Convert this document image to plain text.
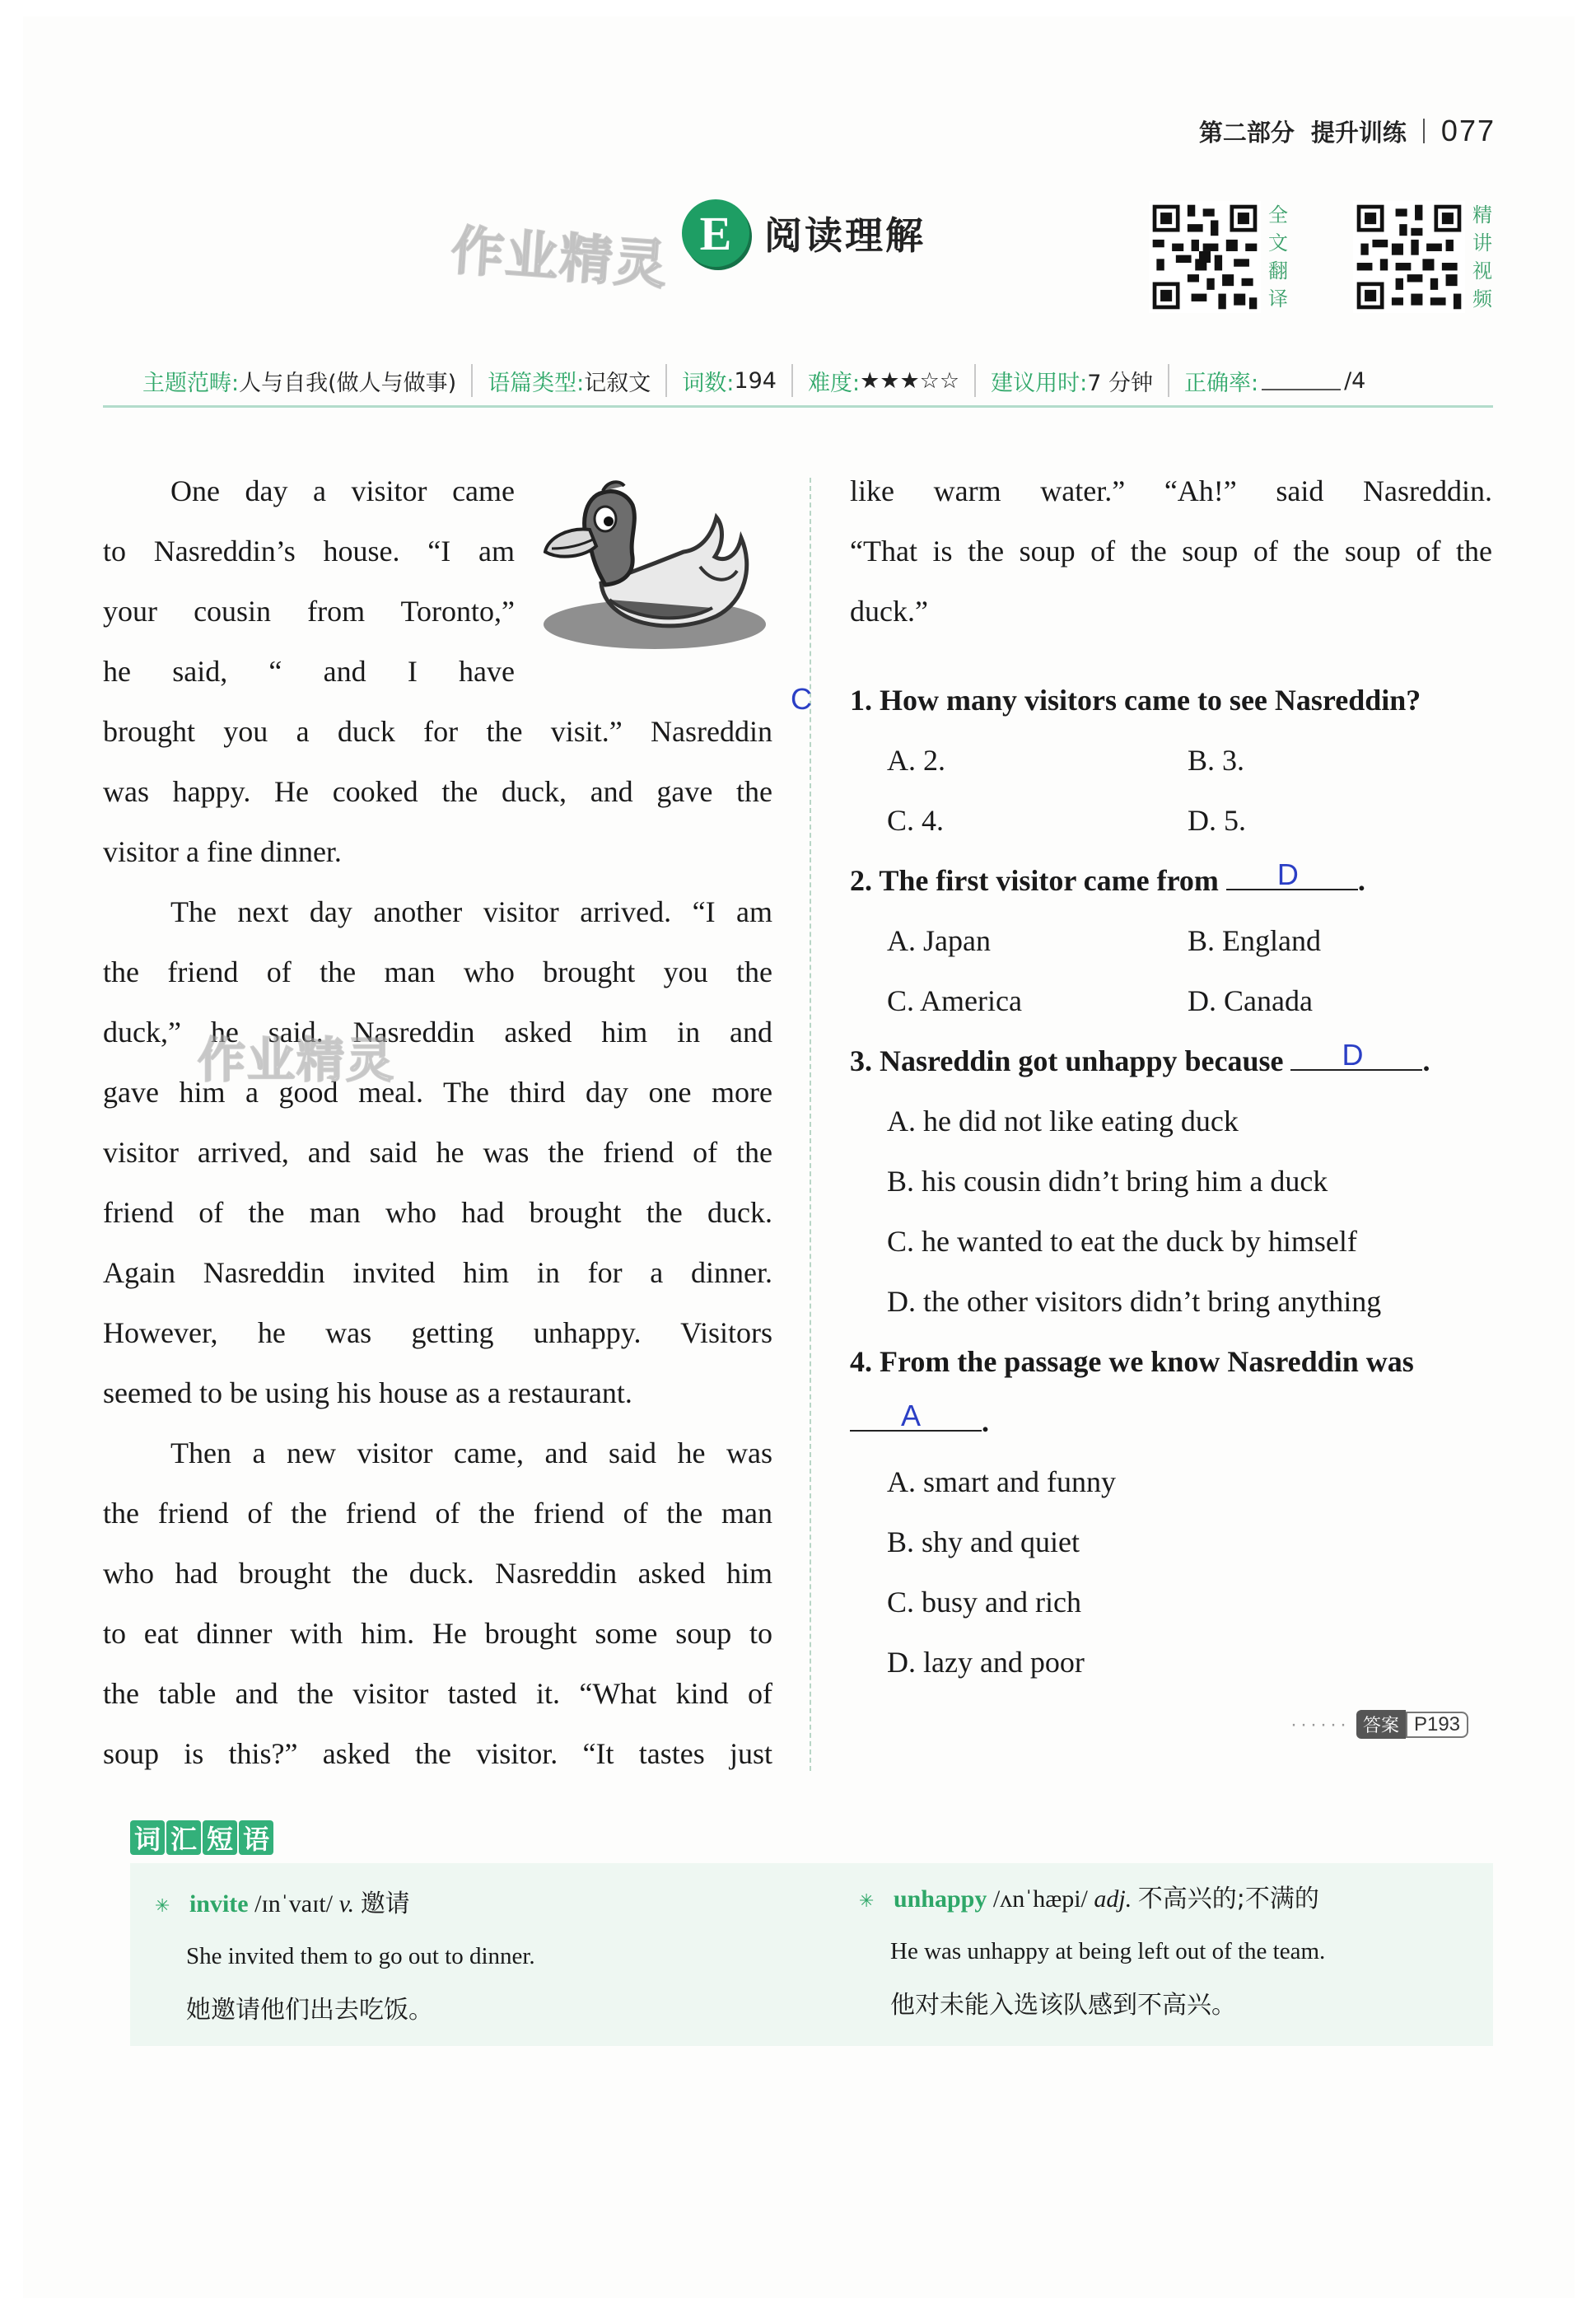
第二部分 提升训练 077
作业精灵 E 阅读理解	全
文
翻
译
精
讲
视
频
主题范畴: 人与自我(做人与做事) 语篇类型: 记叙文 词数: 194 难度: ★★★☆☆ 建议用时: 7 分钟 正确率:	/4
One day a visitor came
to Nasreddin’s house. “I am
your cousin from Toronto,”
he said, “ and I have
brought you a duck for the visit.” Nasreddin
was happy. He cooked the duck, and gave the
visitor a fine dinner.
The next day another visitor arrived. “I am
the friend of the man who brought you the
duck,” he said. Nasreddin asked him in and
gave him a good meal. The third day one more
visitor arrived, and said he was the friend of the
friend of the man who had brought the duck.
Again Nasreddin invited him in for a dinner.
However, he was getting unhappy. Visitors
seemed to be using his house as a restaurant.
Then a new visitor came, and said he was
the friend of the friend of the friend of the man
who had brought the duck. Nasreddin asked him
to eat dinner with him. He brought some soup to
the table and the visitor tasted it. “What kind of
soup is this?” asked the visitor. “It tastes just
作业精灵
like warm water.” “Ah!” said Nasreddin.
“That is the soup of the soup of the soup of the
duck.”
1. How many visitors came to see Nasreddin?
A. 2.	B. 3.
C. 4.	D. 5.
2. The first visitor came from D .
A. Japan	B. England
C. America	D. Canada
3. Nasreddin got unhappy because D .
A. he did not like eating duck
B. his cousin didn’t bring him a duck
C. he wanted to eat the duck by himself
D. the other visitors didn’t bring anything
4. From the passage we know Nasreddin was
A .
A. smart and funny
B. shy and quiet
C. busy and rich
D. lazy and poor
C
······ 答案 P193
词 汇 短 语
✳ invite /ɪnˈvaɪt/ v. 邀请
She invited them to go out to dinner.
她邀请他们出去吃饭。
✳ unhappy /ʌnˈhæpi/ adj. 不高兴的;不满的
He was unhappy at being left out of the team.
他对未能入选该队感到不高兴。
